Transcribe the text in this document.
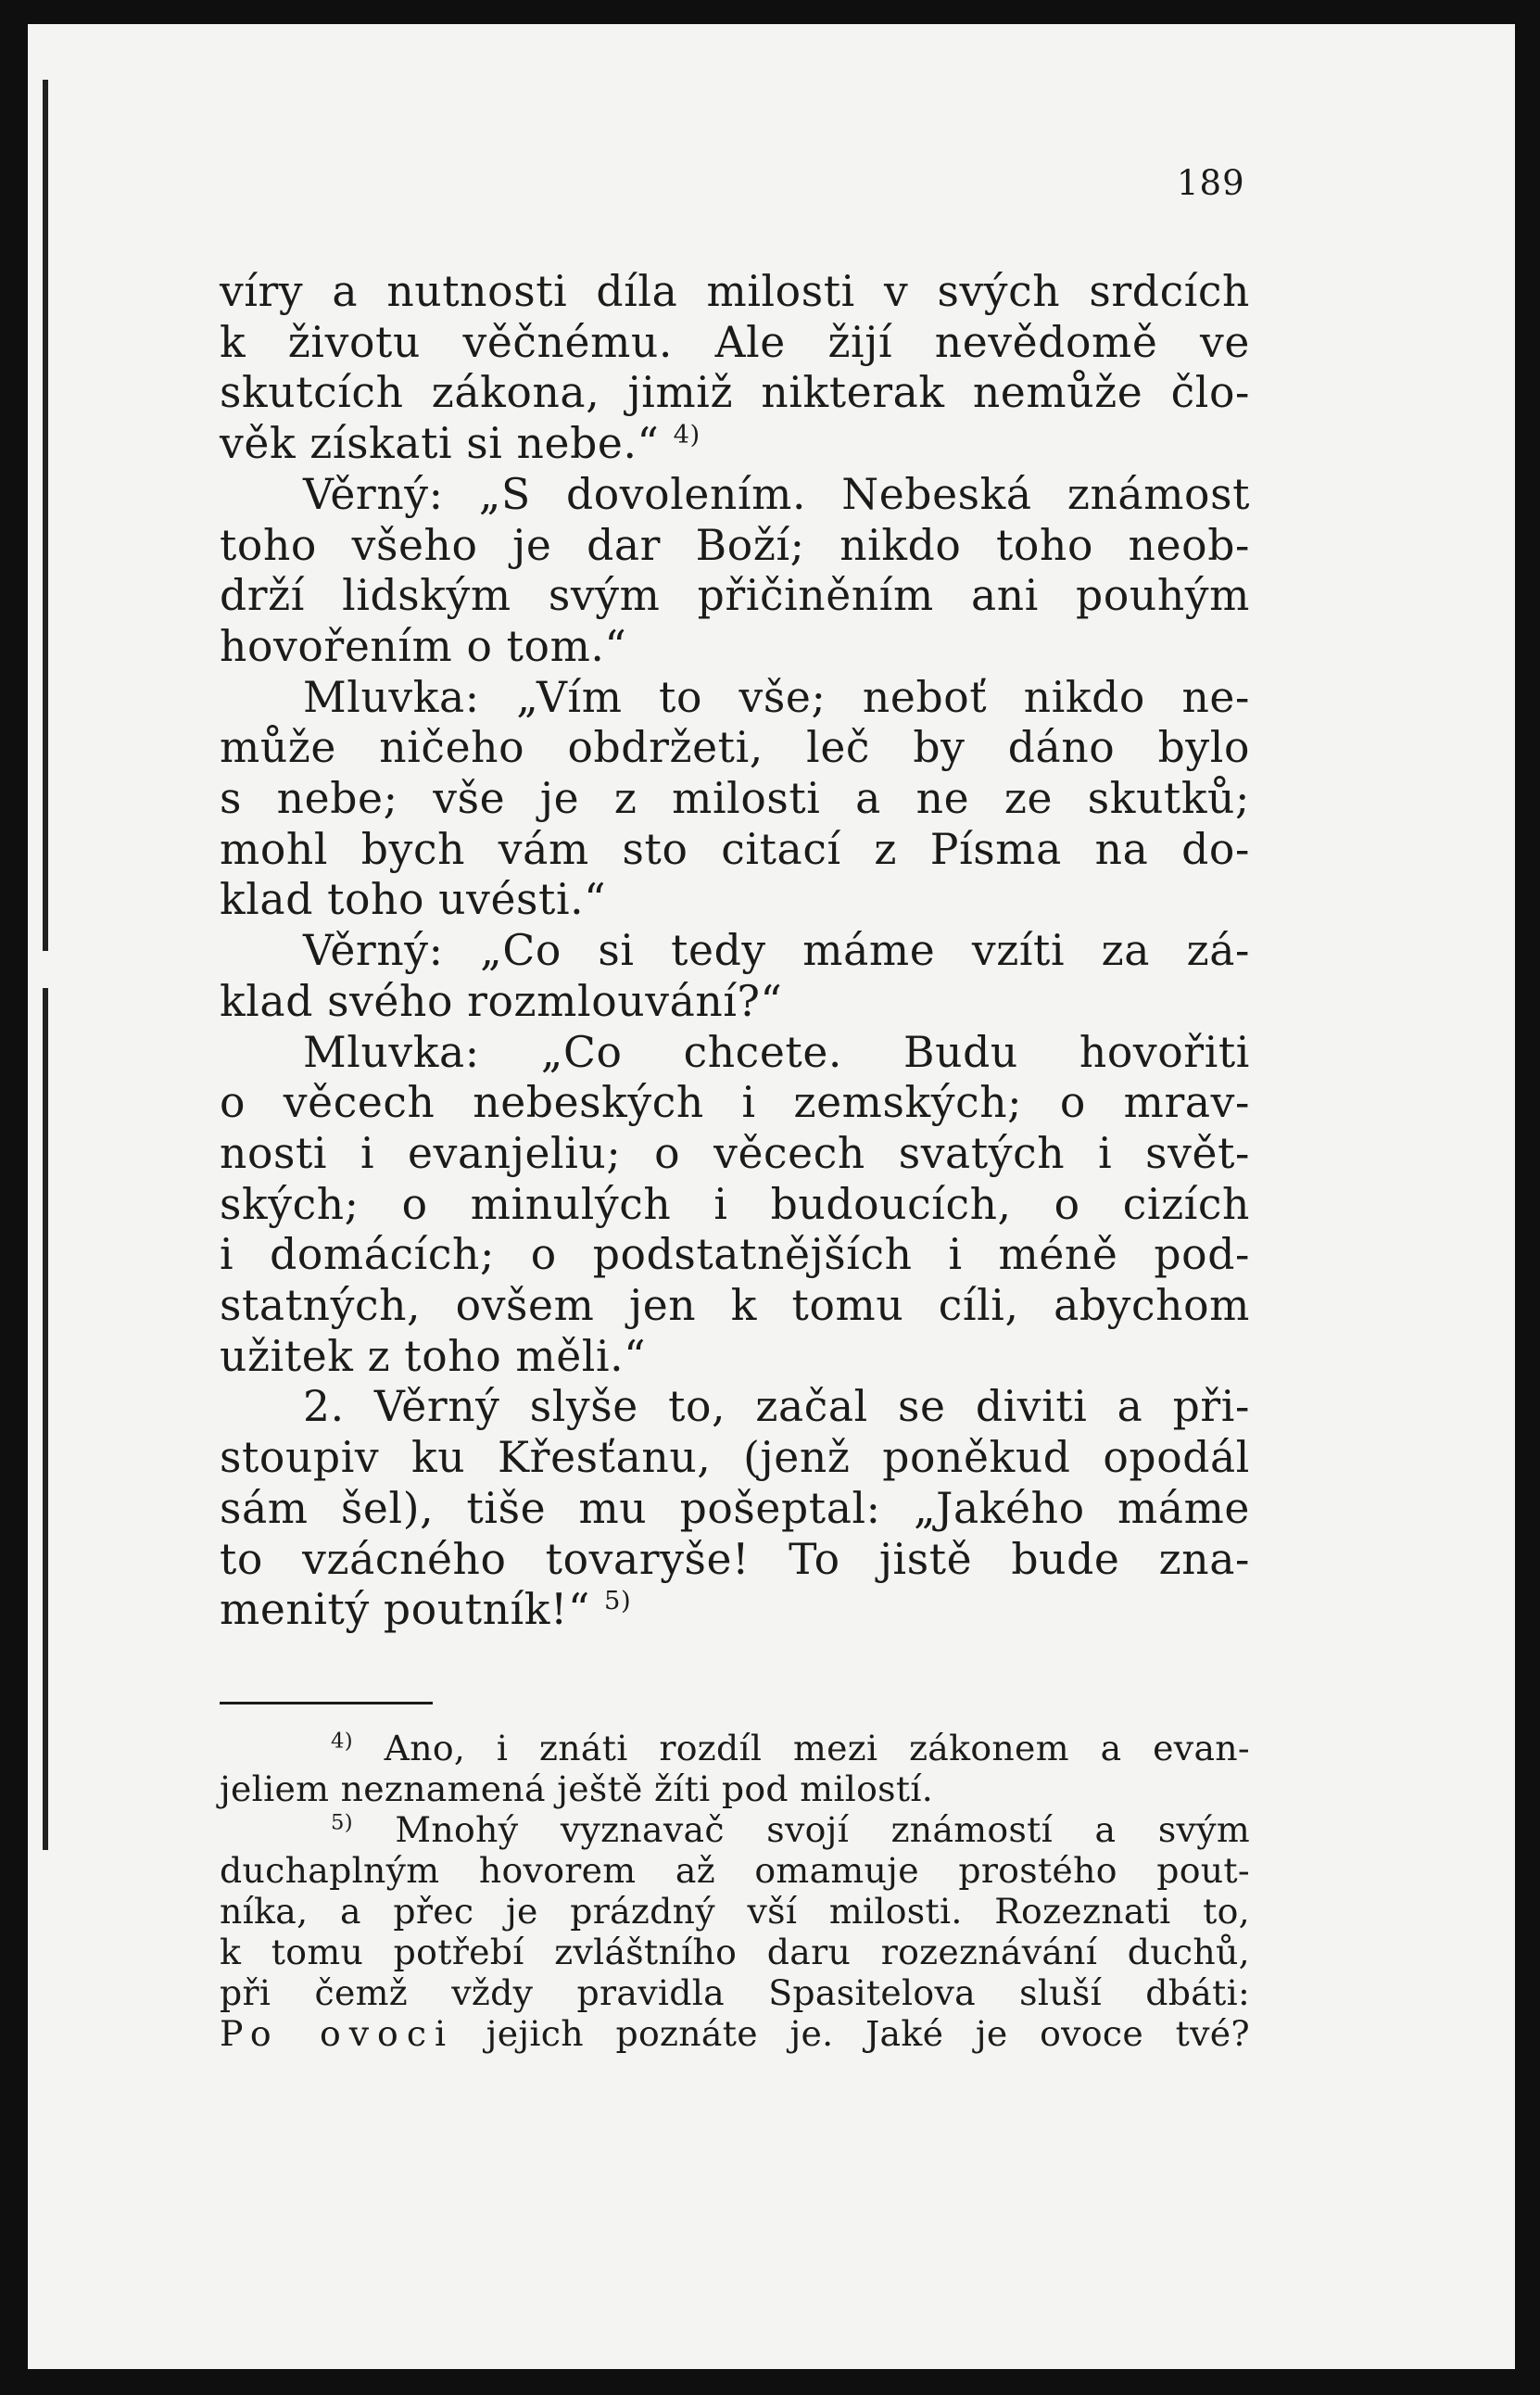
189
víry a nutnosti díla milosti v svých srdcích
k životu věčnému. Ale žijí nevědomě ve
skutcích zákona, jimiž nikterak nemůže člo-
věk získati si nebe.“ $^{4)}$
Věrný: „S dovolením. Nebeská známost
toho všeho je dar Boží; nikdo toho neob-
drží lidským svým přičiněním ani pouhým
hovořením o tom.“
Mluvka: „Vím to vše; neboť nikdo ne-
může ničeho obdržeti, leč by dáno bylo
s nebe; vše je z milosti a ne ze skutků;
mohl bych vám sto citací z Písma na do-
klad toho uvésti.“
Věrný: „Co si tedy máme vzíti za zá-
klad svého rozmlouvání?“
Mluvka: „Co chcete. Budu hovořiti
o věcech nebeských i zemských; o mrav-
nosti i evanjeliu; o věcech svatých i svět-
ských; o minulých i budoucích, o cizích
i domácích; o podstatnějších i méně pod-
statných, ovšem jen k tomu cíli, abychom
užitek z toho měli.“
2. Věrný slyše to, začal se diviti a při-
stoupiv ku Křesťanu, (jenž poněkud opodál
sám šel), tiše mu pošeptal: „Jakého máme
to vzácného tovaryše! To jistě bude zna-
menitý poutník!“ $^{5)}$
$^{4)}$ Ano, i znáti rozdíl mezi zákonem a evan-
jeliem neznamená ještě žíti pod milostí.
$^{5)}$ Mnohý vyznavač svojí známostí a svým
duchaplným hovorem až omamuje prostého pout-
níka, a přec je prázdný vší milosti. Rozeznati to,
k tomu potřebí zvláštního daru rozeznávání duchů,
při čemž vždy pravidla Spasitelova sluší dbáti:
Po ovoci jejich poznáte je. Jaké je ovoce tvé?
